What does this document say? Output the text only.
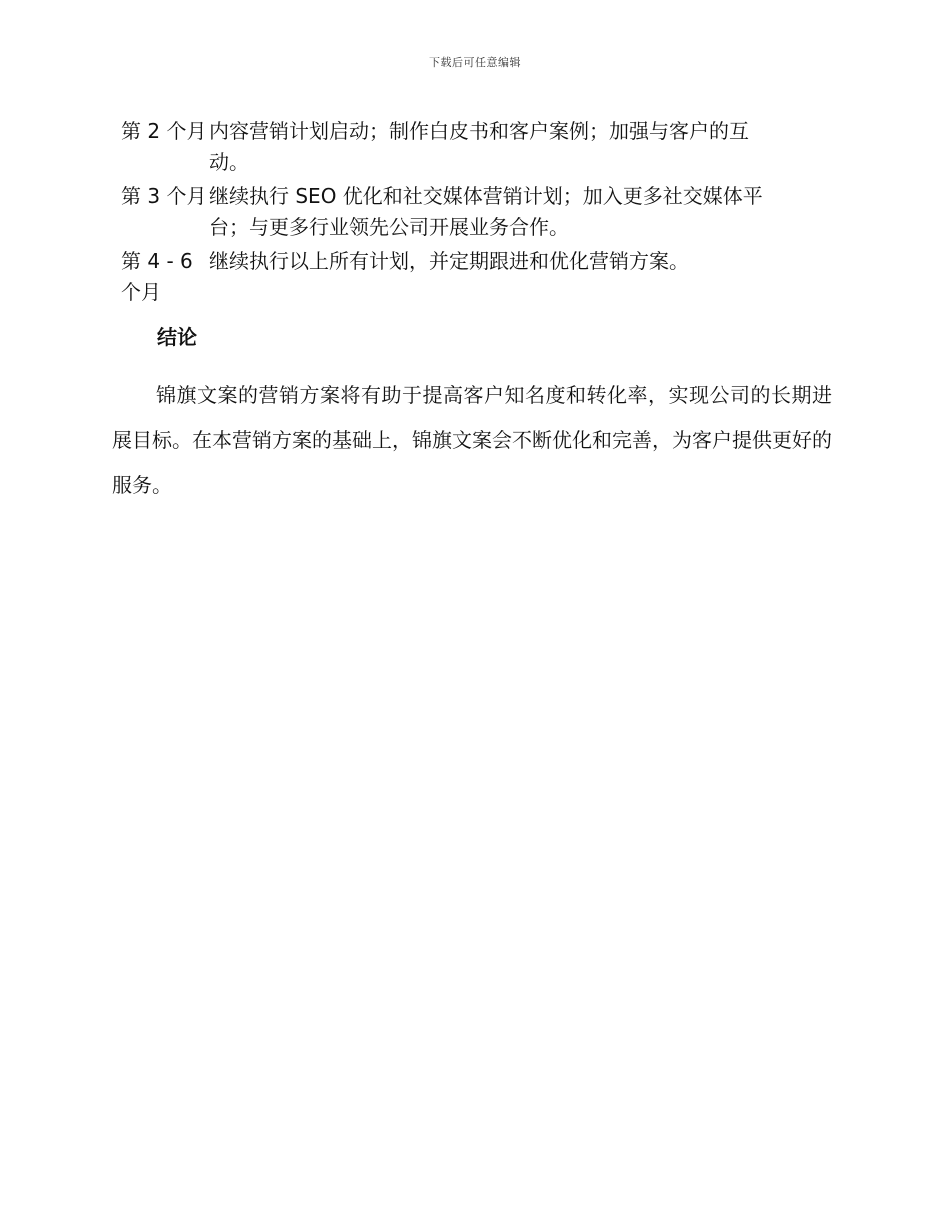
下载后可任意编辑
第 2 个月 内容营销计划启动；制作白皮书和客户案例；加强与客户的互动。
第 3 个月 继续执行 SEO 优化和社交媒体营销计划；加入更多社交媒体平台；与更多行业领先公司开展业务合作。
第 4 - 6 个月
继续执行以上所有计划，并定期跟进和优化营销方案。
结论

锦旗文案的营销方案将有助于提高客户知名度和转化率，实现公司的长期进展目标。在本营销方案的基础上，锦旗文案会不断优化和完善，为客户提供更好的服务。
